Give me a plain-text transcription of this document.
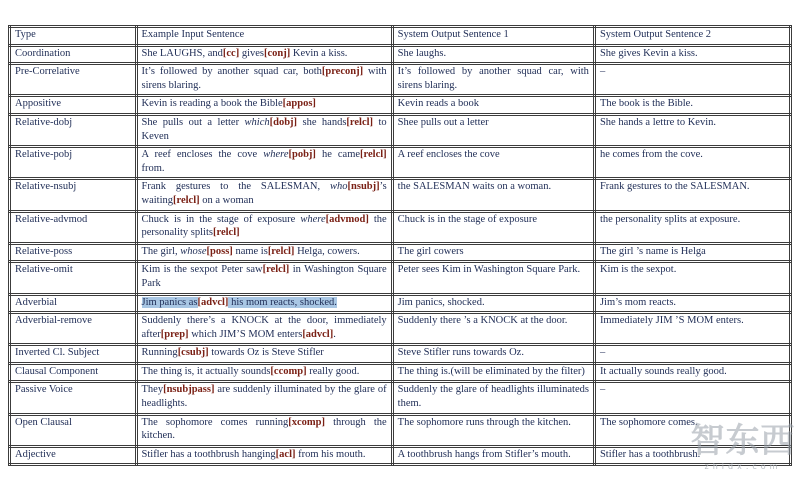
Type	Example Input Sentence	System Output Sentence 1	System Output Sentence 2
Coordination	She LAUGHS, and[cc] gives[conj] Kevin a kiss.	She laughs.	She gives Kevin a kiss.
Pre-Correlative	It’s followed by another squad car, both[preconj] with sirens blaring.	It’s followed by another squad car, with sirens blaring.	–
Appositive	Kevin is reading a book the Bible[appos]	Kevin reads a book	The book is the Bible.
Relative-dobj	She pulls out a letter which[dobj] she hands[relcl] to Keven	Shee pulls out a letter	She hands a lettre to Kevin.
Relative-pobj	A reef encloses the cove where[pobj] he came[relcl] from.	A reef encloses the cove	he comes from the cove.
Relative-nsubj	Frank gestures to the SALESMAN, who[nsubj]’s waiting[relcl] on a woman	the SALESMAN waits on a woman.	Frank gestures to the SALESMAN.
Relative-advmod	Chuck is in the stage of exposure where[advmod] the personality splits[relcl]	Chuck is in the stage of exposure	the personality splits at exposure.
Relative-poss	The girl, whose[poss] name is[relcl] Helga, cowers.	The girl cowers	The girl ’s name is Helga
Relative-omit	Kim is the sexpot Peter saw[relcl] in Washington Square Park	Peter sees Kim in Washington Square Park.	Kim is the sexpot.
Adverbial	Jim panics as[advcl] his mom reacts, shocked.	Jim panics, shocked.	Jim’s mom reacts.
Adverbial-remove	Suddenly there’s a KNOCK at the door, immediately after[prep] which JIM’S MOM enters[advcl].	Suddenly there ’s a KNOCK at the door.	Immediately JIM ’S MOM enters.
Inverted Cl. Subject	Running[csubj] towards Oz is Steve Stifler	Steve Stifler runs towards Oz.	–
Clausal Component	The thing is, it actually sounds[ccomp] really good.	The thing is.(will be eliminated by the filter)	It actually sounds really good.
Passive Voice	They[nsubjpass] are suddenly illuminated by the glare of headlights.	Suddenly the glare of headlights illuminateds them.	–
Open Clausal	The sophomore comes running[xcomp] through the kitchen.	The sophomore runs through the kitchen.	The sophomore comes.
Adjective	Stifler has a toothbrush hanging[acl] from his mouth.	A toothbrush hangs from Stifler’s mouth.	Stifler has a toothbrush.
智东西
zhidx.com
